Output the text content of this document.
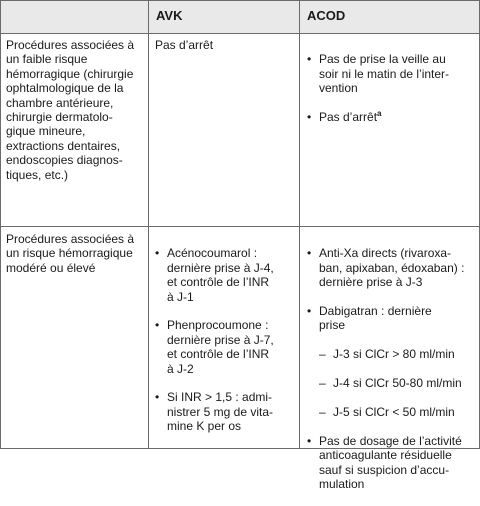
AVK	ACOD
Procédures associées à
un faible risque
hémorragique (chirurgie
ophtalmologique de la
chambre antérieure,
chirurgie dermatolo-
gique mineure,
extractions dentaires,
endoscopies diagnos-
tiques, etc.)
Pas d’arrêt

• Pas de prise la veille au
soir ni le matin de l’inter-
vention

• Pas d’arrêt$^a$

Procédures associées à
un risque hémorragique
modéré ou élevé

• Acénocoumarol :
dernière prise à J-4,
et contrôle de l’INR
à J-1

• Phenprocoumone :
dernière prise à J-7,
et contrôle de l’INR
à J-2

• Si INR > 1,5 : admi-
nistrer 5 mg de vita-
mine K per os

• Anti-Xa directs (rivaroxa-
ban, apixaban, édoxaban) :
dernière prise à J-3

• Dabigatran : dernière
prise

– J-3 si ClCr > 80 ml/min

– J-4 si ClCr 50-80 ml/min

– J-5 si ClCr < 50 ml/min

• Pas de dosage de l’activité
anticoagulante résiduelle
sauf si suspicion d’accu-
mulation
